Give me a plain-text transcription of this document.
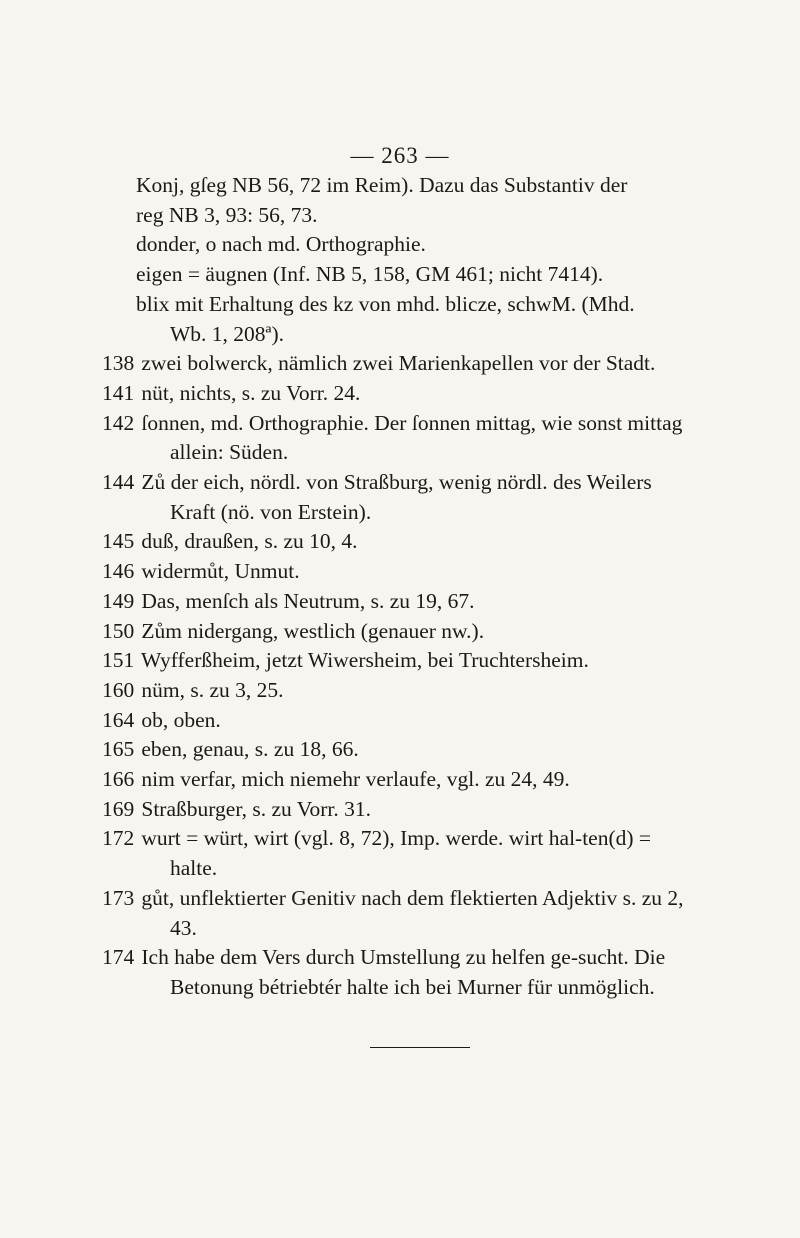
— 263 —

Konj, gſeg NB 56, 72 im Reim). Dazu das Substantiv der

reg NB 3, 93: 56, 73.

donder, o nach md. Orthographie.

eigen = äugnen (Inf. NB 5, 158, GM 461; nicht 7414).

blix mit Erhaltung des kz von mhd. blicze, schwM. (Mhd.

Wb. 1, 208ª).

138 zwei bolwerck, nämlich zwei Marienkapellen vor der Stadt.

141 nüt, nichts, s. zu Vorr. 24.

142 ſonnen, md. Orthographie. Der ſonnen mittag, wie sonst mittag allein: Süden.

144 Zů der eich, nördl. von Straßburg, wenig nördl. des Weilers Kraft (nö. von Erstein).

145 duß, draußen, s. zu 10, 4.

146 widermůt, Unmut.

149 Das, menſch als Neutrum, s. zu 19, 67.

150 Zům nidergang, westlich (genauer nw.).

151 Wyfferßheim, jetzt Wiwersheim, bei Truchtersheim.

160 nüm, s. zu 3, 25.

164 ob, oben.

165 eben, genau, s. zu 18, 66.

166 nim verfar, mich niemehr verlaufe, vgl. zu 24, 49.

169 Straßburger, s. zu Vorr. 31.

172 wurt = würt, wirt (vgl. 8, 72), Imp. werde. wirt hal-ten(d) = halte.

173 gůt, unflektierter Genitiv nach dem flektierten Adjektiv s. zu 2, 43.

174 Ich habe dem Vers durch Umstellung zu helfen ge-sucht. Die Betonung bétriebtér halte ich bei Murner für unmöglich.
